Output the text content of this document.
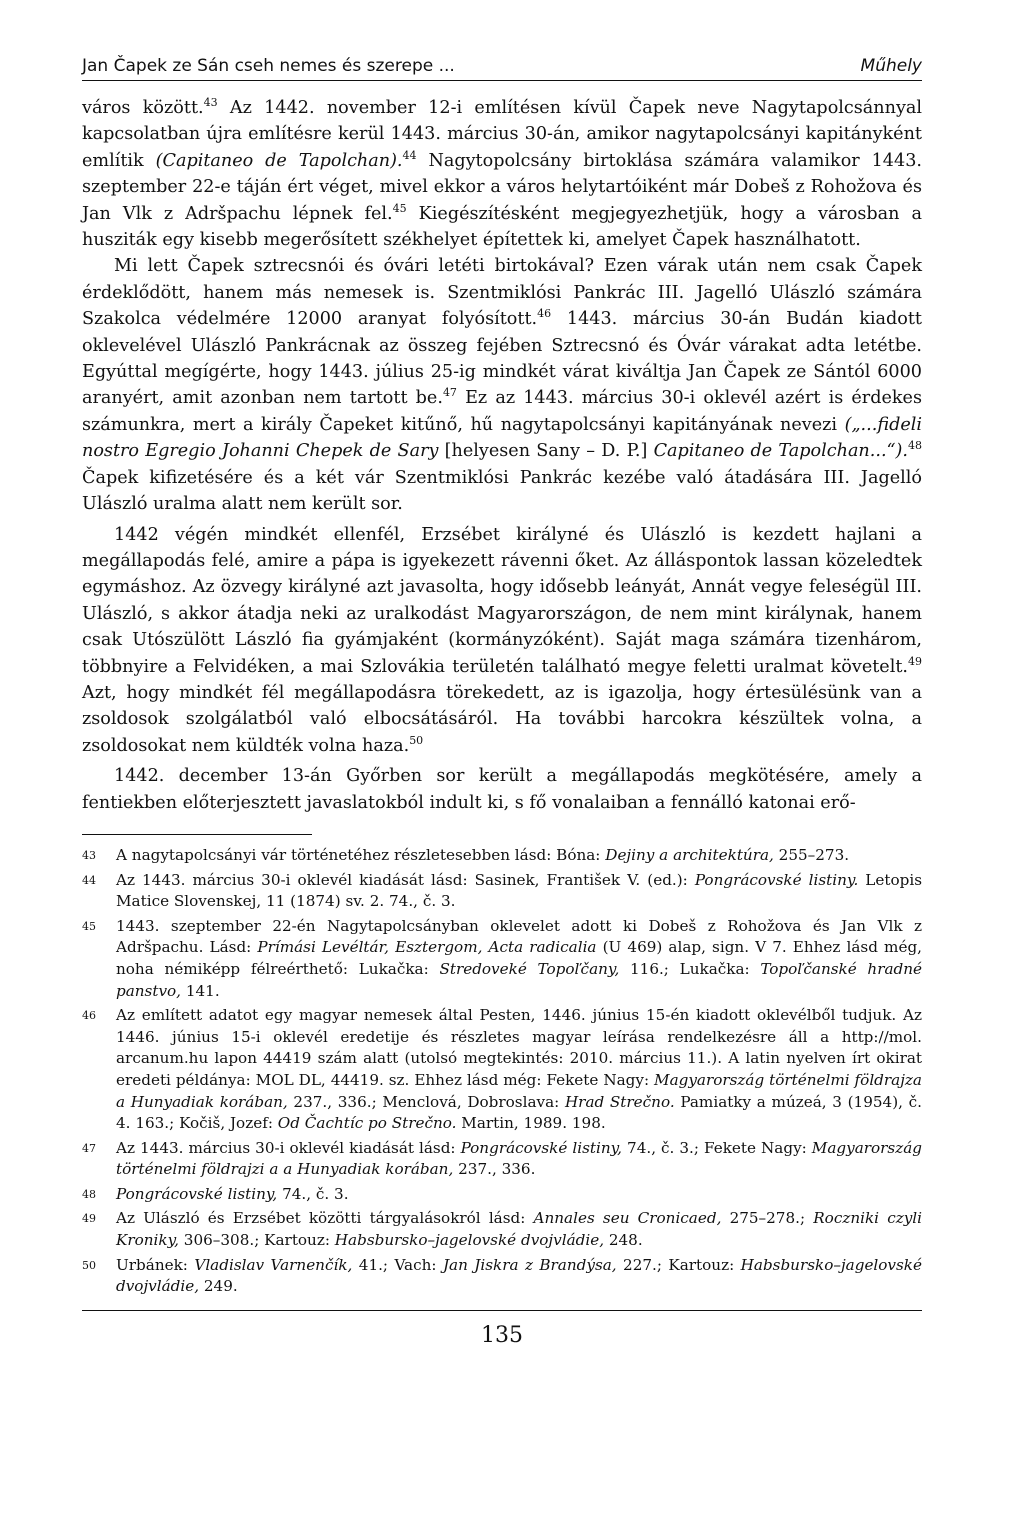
Jan Čapek ze Sán cseh nemes és szerepe ...	Műhely

város között.$^{43}$ Az 1442. november 12-i említésen kívül Čapek neve Nagytapolcsánnyal kapcsolatban újra említésre kerül 1443. március 30-án, amikor nagytapolcsányi kapitányként említik (Capitaneo de Tapolchan).$^{44}$ Nagytopolcsány birtoklása számára valamikor 1443. szeptember 22-e táján ért véget, mivel ekkor a város helytartóiként már Dobeš z Rohožova és Jan Vlk z Adršpachu lépnek fel.$^{45}$ Kiegészítésként megjegyezhetjük, hogy a városban a husziták egy kisebb megerősített székhelyet építettek ki, amelyet Čapek használhatott.

Mi lett Čapek sztrecsnói és óvári letéti birtokával? Ezen várak után nem csak Čapek érdeklődött, hanem más nemesek is. Szentmiklósi Pankrác III. Jagelló Ulászló számára Szakolca védelmére 12000 aranyat folyósított.$^{46}$ 1443. március 30-án Budán kiadott oklevelével Ulászló Pankrácnak az összeg fejében Sztrecsnó és Óvár várakat adta letétbe. Egyúttal megígérte, hogy 1443. július 25-ig mindkét várat kiváltja Jan Čapek ze Sántól 6000 aranyért, amit azonban nem tartott be.$^{47}$ Ez az 1443. március 30-i oklevél azért is érdekes számunkra, mert a király Čapeket kitűnő, hű nagytapolcsányi kapitányának nevezi („...fideli nostro Egregio Johanni Chepek de Sary [helyesen Sany – D. P.] Capitaneo de Tapolchan...“).$^{48}$ Čapek kifizetésére és a két vár Szentmiklósi Pankrác kezébe való átadására III. Jagelló Ulászló uralma alatt nem került sor.

1442 végén mindkét ellenfél, Erzsébet királyné és Ulászló is kezdett hajlani a megállapodás felé, amire a pápa is igyekezett rávenni őket. Az álláspontok lassan közeledtek egymáshoz. Az özvegy királyné azt javasolta, hogy idősebb leányát, Annát vegye feleségül III. Ulászló, s akkor átadja neki az uralkodást Magyarországon, de nem mint királynak, hanem csak Utószülött László fia gyámjaként (kormányzóként). Saját maga számára tizenhárom, többnyire a Felvidéken, a mai Szlovákia területén található megye feletti uralmat követelt.$^{49}$ Azt, hogy mindkét fél megállapodásra törekedett, az is igazolja, hogy értesülésünk van a zsoldosok szolgálatból való elbocsátásáról. Ha további harcokra készültek volna, a zsoldosokat nem küldték volna haza.$^{50}$

1442. december 13-án Győrben sor került a megállapodás megkötésére, amely a fentiekben előterjesztett javaslatokból indult ki, s fő vonalaiban a fennálló katonai erő-

43	A nagytapolcsányi vár történetéhez részletesebben lásd: Bóna: Dejiny a architektúra, 255–273.
44	Az 1443. március 30-i oklevél kiadását lásd: Sasinek, František V. (ed.): Pongrácovské listiny. Letopis Matice Slovenskej, 11 (1874) sv. 2. 74., č. 3.
45	1443. szeptember 22-én Nagytapolcsányban oklevelet adott ki Dobeš z Rohožova és Jan Vlk z Adršpachu. Lásd: Prímási Levéltár, Esztergom, Acta radicalia (U 469) alap, sign. V 7. Ehhez lásd még, noha némiképp félreérthető: Lukačka: Stredoveké Topoľčany, 116.; Lukačka: Topoľčanské hradné panstvo, 141.
46	Az említett adatot egy magyar nemesek által Pesten, 1446. június 15-én kiadott oklevélből tudjuk. Az 1446. június 15-i oklevél eredetije és részletes magyar leírása rendelkezésre áll a http://mol. arcanum.hu lapon 44419 szám alatt (utolsó megtekintés: 2010. március 11.). A latin nyelven írt okirat eredeti példánya: MOL DL, 44419. sz. Ehhez lásd még: Fekete Nagy: Magyarország történelmi földrajza a Hunyadiak korában, 237., 336.; Menclová, Dobroslava: Hrad Strečno. Pamiatky a múzeá, 3 (1954), č. 4. 163.; Kočiš, Jozef: Od Čachtíc po Strečno. Martin, 1989. 198.
47	Az 1443. március 30-i oklevél kiadását lásd: Pongrácovské listiny, 74., č. 3.; Fekete Nagy: Magyarország történelmi földrajzi a a Hunyadiak korában, 237., 336.
48	Pongrácovské listiny, 74., č. 3.
49	Az Ulászló és Erzsébet közötti tárgyalásokról lásd: Annales seu Cronicaed, 275–278.; Roczniki czyli Kroniky, 306–308.; Kartouz: Habsbursko–jagelovské dvojvládie, 248.
50	Urbánek: Vladislav Varnenčík, 41.; Vach: Jan Jiskra z Brandýsa, 227.; Kartouz: Habsbursko–jagelovské dvojvládie, 249.
135
